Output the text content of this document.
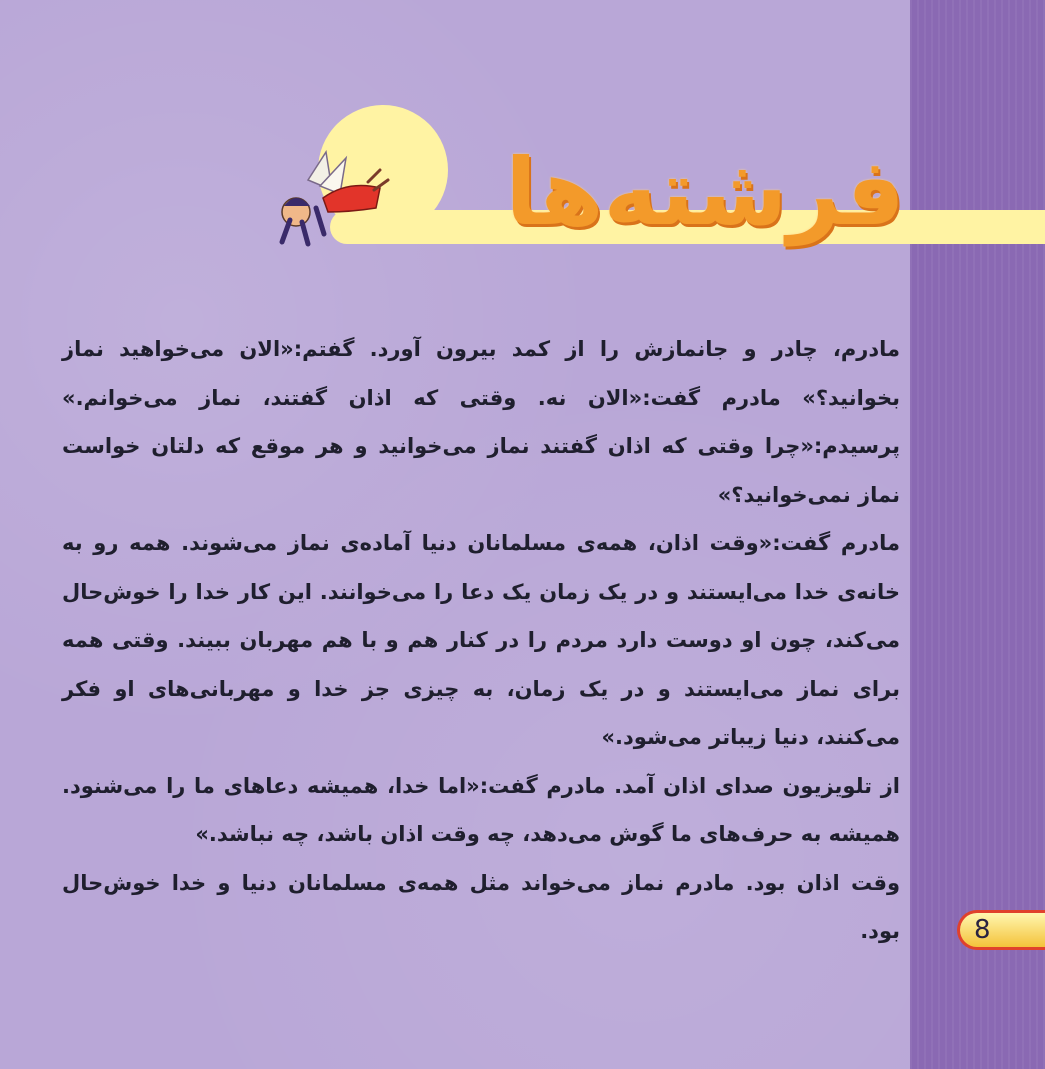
فرشته‌ها

مادرم، چادر و جانمازش را از کمد بیرون آورد. گفتم:«الان می‌خواهید نماز بخوانید؟» مادرم گفت:«الان نه. وقتی که اذان گفتند، نماز می‌خوانم.» پرسیدم:«چرا وقتی که اذان گفتند نماز می‌خوانید و هر موقع که دلتان خواست نماز نمی‌خوانید؟»

مادرم گفت:«وقت اذان، همه‌ی مسلمانان دنیا آماده‌ی نماز می‌شوند. همه رو به خانه‌ی خدا می‌ایستند و در یک زمان یک دعا را می‌خوانند. این کار خدا را خوش‌حال می‌کند، چون او دوست دارد مردم را در کنار هم و با هم مهربان ببیند. وقتی همه برای نماز می‌ایستند و در یک زمان، به چیزی جز خدا و مهربانی‌های او فکر می‌کنند، دنیا زیباتر می‌شود.»

از تلویزیون صدای اذان آمد. مادرم گفت:«اما خدا، همیشه دعاهای ما را می‌شنود. همیشه به حرف‌های ما گوش می‌دهد، چه وقت اذان باشد، چه نباشد.»

وقت اذان بود. مادرم نماز می‌خواند مثل همه‌ی مسلمانان دنیا و خدا خوش‌حال بود.	8
